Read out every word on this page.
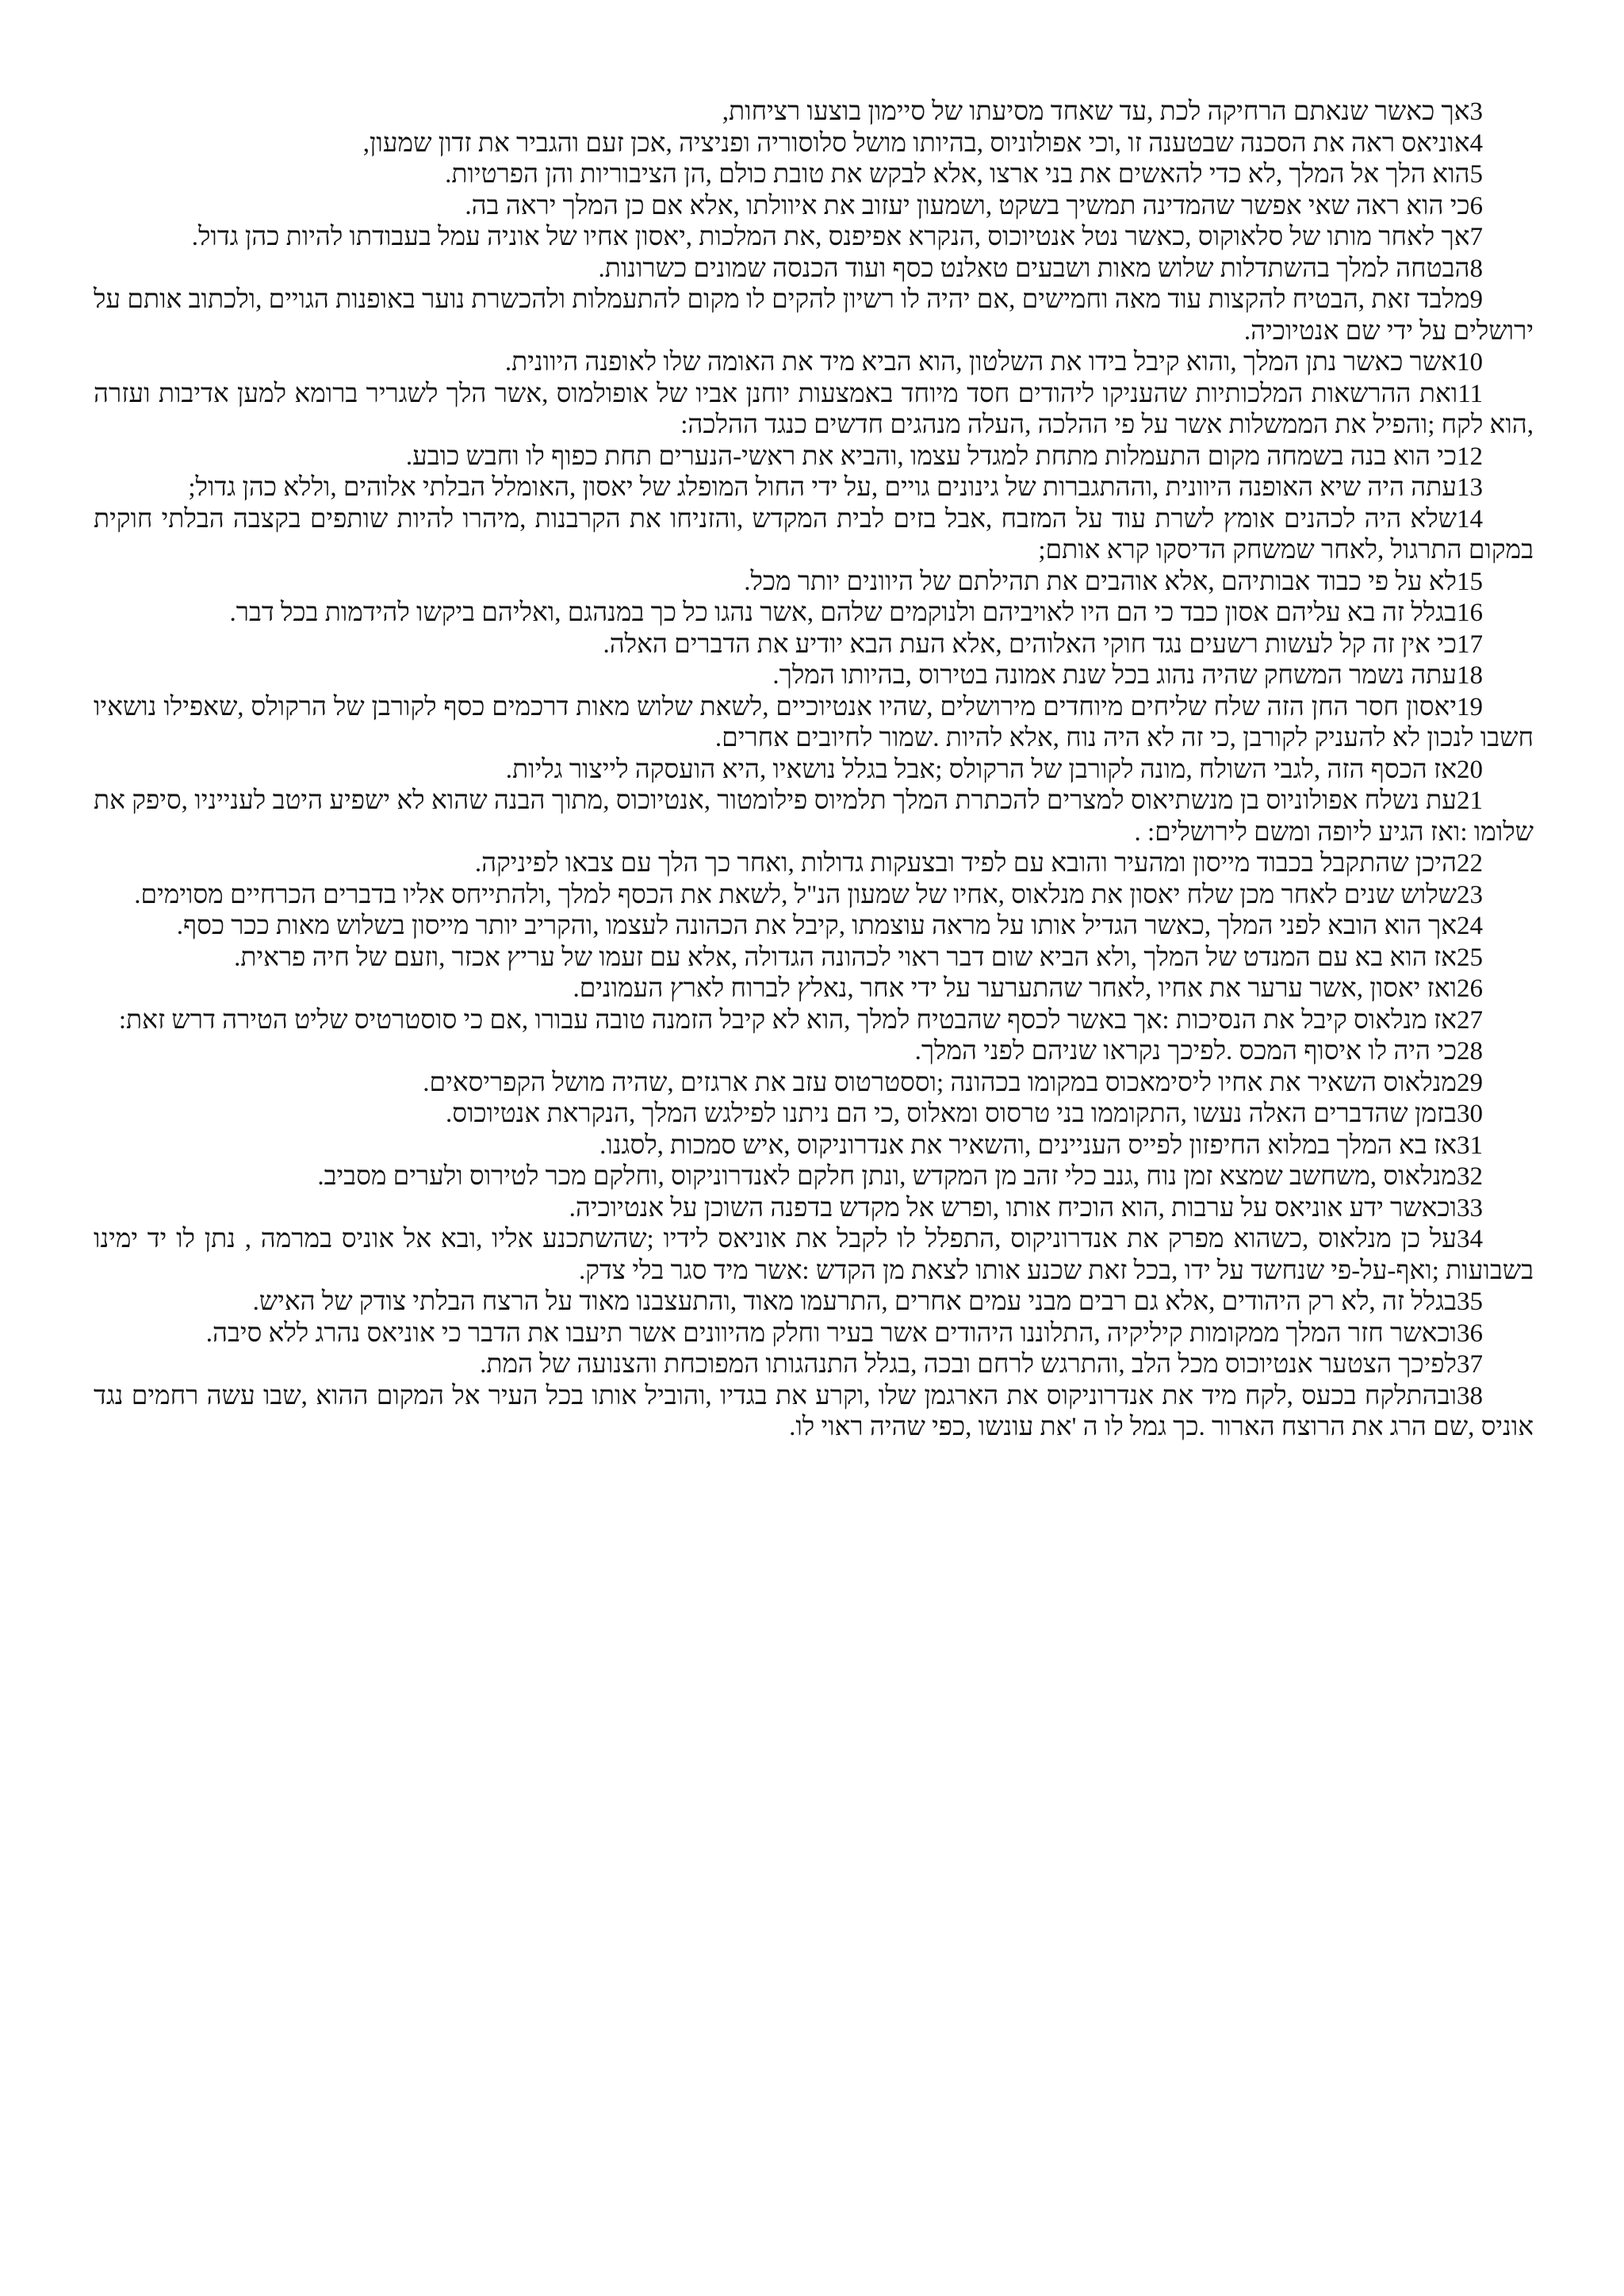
3אך כאשר שנאתם הרחיקה לכת ,עד שאחד מסיעתו של סיימון בוצעו רציחות,

4אוניאס ראה את הסכנה שבטענה זו ,וכי אפולוניוס ,בהיותו מושל סלוסוריה ופניציה ,אכן זעם והגביר את זדון שמעון,

5הוא הלך אל המלך ,לא כדי להאשים את בני ארצו ,אלא לבקש את טובת כולם ,הן הציבוריות והן הפרטיות.

6כי הוא ראה שאי אפשר שהמדינה תמשיך בשקט ,ושמעון יעזוב את איוולתו ,אלא אם כן המלך יראה בה.

7אך לאחר מותו של סלאוקוס ,כאשר נטל אנטיוכוס ,הנקרא אפיפנס ,את המלכות ,יאסון אחיו של אוניה עמל בעבודתו להיות כהן גדול.

8הבטחה למלך בהשתדלות שלוש מאות ושבעים טאלנט כסף ועוד הכנסה שמונים כשרונות.

9מלבד זאת ,הבטיח להקצות עוד מאה וחמישים ,אם יהיה לו רשיון להקים לו מקום להתעמלות ולהכשרת נוער באופנות הגויים ,ולכתוב אותם על ירושלים על ידי שם אנטיוכיה.

10אשר כאשר נתן המלך ,והוא קיבל בידו את השלטון ,הוא הביא מיד את האומה שלו לאופנה היוונית.

11ואת ההרשאות המלכותיות שהעניקו ליהודים חסד מיוחד באמצעות יוחנן אביו של אופולמוס ,אשר הלך לשגריר ברומא למען אדיבות ועזרה ,הוא לקח ;והפיל את הממשלות אשר על פי ההלכה ,העלה מנהגים חדשים כנגד ההלכה:

12כי הוא בנה בשמחה מקום התעמלות מתחת למגדל עצמו ,והביא את ראשי-הנערים תחת כפוף לו וחבש כובע.

13עתה היה שיא האופנה היוונית ,וההתגברות של גינונים גויים ,על ידי החול המופלג של יאסון ,האומלל הבלתי אלוהים ,וללא כהן גדול;

14שלא היה לכהנים אומץ לשרת עוד על המזבח ,אבל בזים לבית המקדש ,והזניחו את הקרבנות ,מיהרו להיות שותפים בקצבה הבלתי חוקית במקום התרגול ,לאחר שמשחק הדיסקו קרא אותם;

15לא על פי כבוד אבותיהם ,אלא אוהבים את תהילתם של היוונים יותר מכל.

16בגלל זה בא עליהם אסון כבד כי הם היו לאויביהם ולנוקמים שלהם ,אשר נהגו כל כך במנהגם ,ואליהם ביקשו להידמות בכל דבר.

17כי אין זה קל לעשות רשעים נגד חוקי האלוהים ,אלא העת הבא יודיע את הדברים האלה.

18עתה נשמר המשחק שהיה נהוג בכל שנת אמונה בטירוס ,בהיותו המלך.

19יאסון חסר החן הזה שלח שליחים מיוחדים מירושלים ,שהיו אנטיוכיים ,לשאת שלוש מאות דרכמים כסף לקורבן של הרקולס ,שאפילו נושאיו חשבו לנכון לא להעניק לקורבן ,כי זה לא היה נוח ,אלא להיות .שמור לחיובים אחרים.

20אז הכסף הזה ,לגבי השולח ,מונה לקורבן של הרקולס ;אבל בגלל נושאיו ,היא הועסקה לייצור גליות.

21עת נשלח אפולוניוס בן מנשתיאוס למצרים להכתרת המלך תלמיוס פילומטור ,אנטיוכוס ,מתוך הבנה שהוא לא ישפיע היטב לענייניו ,סיפק את שלומו :ואז הגיע ליופה ומשם לירושלים: .

22היכן שהתקבל בכבוד מייסון ומהעיר והובא עם לפיד ובצעקות גדולות ,ואחר כך הלך עם צבאו לפיניקה.

23שלוש שנים לאחר מכן שלח יאסון את מנלאוס ,אחיו של שמעון הנ"ל ,לשאת את הכסף למלך ,ולהתייחס אליו בדברים הכרחיים מסוימים.

24אך הוא הובא לפני המלך ,כאשר הגדיל אותו על מראה עוצמתו ,קיבל את הכהונה לעצמו ,והקריב יותר מייסון בשלוש מאות ככר כסף.

25אז הוא בא עם המנדט של המלך ,ולא הביא שום דבר ראוי לכהונה הגדולה ,אלא עם זעמו של עריץ אכזר ,וזעם של חיה פראית.

26ואז יאסון ,אשר ערער את אחיו ,לאחר שהתערער על ידי אחר ,נאלץ לברוח לארץ העמונים.

27אז מנלאוס קיבל את הנסיכות :אך באשר לכסף שהבטיח למלך ,הוא לא קיבל הזמנה טובה עבורו ,אם כי סוסטרטיס שליט הטירה דרש זאת:

28כי היה לו איסוף המכס .לפיכך נקראו שניהם לפני המלך.

29מנלאוס השאיר את אחיו ליסימאכוס במקומו בכהונה ;וססטרטוס עזב את ארגזים ,שהיה מושל הקפריסאים.

30בזמן שהדברים האלה נעשו ,התקוממו בני טרסוס ומאלוס ,כי הם ניתנו לפילגש המלך ,הנקראת אנטיוכוס.

31אז בא המלך במלוא החיפזון לפייס העניינים ,והשאיר את אנדרוניקוס ,איש סמכות ,לסגנו.

32מנלאוס ,משחשב שמצא זמן נוח ,גנב כלי זהב מן המקדש ,ונתן חלקם לאנדרוניקוס ,וחלקם מכר לטירוס ולערים מסביב.

33וכאשר ידע אוניאס על ערבות ,הוא הוכיח אותו ,ופרש אל מקדש בדפנה השוכן על אנטיוכיה.

34על כן מנלאוס ,כשהוא מפרק את אנדרוניקוס ,התפלל לו לקבל את אוניאס לידיו ;שהשתכנע אליו ,ובא אל אוניס במרמה , נתן לו יד ימינו בשבועות ;ואף-על-פי שנחשד על ידו ,בכל זאת שכנע אותו לצאת מן הקדש :אשר מיד סגר בלי צדק.

35בגלל זה ,לא רק היהודים ,אלא גם רבים מבני עמים אחרים ,התרעמו מאוד ,והתעצבנו מאוד על הרצח הבלתי צודק של האיש.

36וכאשר חזר המלך ממקומות קיליקיה ,התלוננו היהודים אשר בעיר וחלק מהיוונים אשר תיעבו את הדבר כי אוניאס נהרג ללא סיבה.

37לפיכך הצטער אנטיוכוס מכל הלב ,והתרגש לרחם ובכה ,בגלל התנהגותו המפוכחת והצנועה של המת.

38ובהתלקח בכעס ,לקח מיד את אנדרוניקוס את הארגמן שלו ,וקרע את בגדיו ,והוביל אותו בכל העיר אל המקום ההוא ,שבו עשה רחמים נגד אוניס ,שם הרג את הרוצח הארור .כך גמל לו ה 'את עונשו ,כפי שהיה ראוי לו.
